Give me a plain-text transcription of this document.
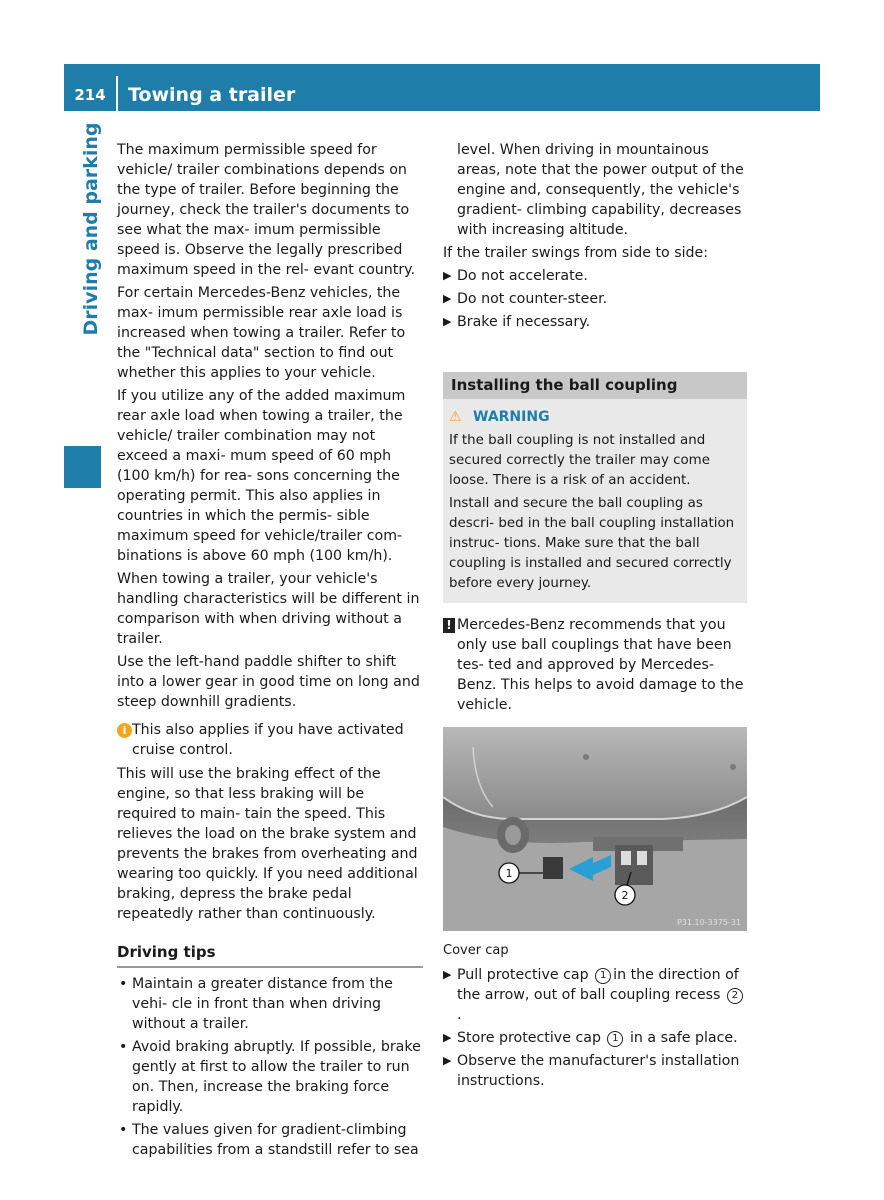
214	Towing a trailer
Driving and parking The maximum permissible speed for vehicle/ trailer combinations depends on the type of trailer. Before beginning the journey, check the trailer's documents to see what the max- imum permissible speed is. Observe the legally prescribed maximum speed in the rel- evant country.

For certain Mercedes-Benz vehicles, the max- imum permissible rear axle load is increased when towing a trailer. Refer to the "Technical data" section to find out whether this applies to your vehicle.

If you utilize any of the added maximum rear axle load when towing a trailer, the vehicle/ trailer combination may not exceed a maxi- mum speed of 60 mph (100 km/h) for rea- sons concerning the operating permit. This also applies in countries in which the permis- sible maximum speed for vehicle/trailer com- binations is above 60 mph (100 km/h).

When towing a trailer, your vehicle's handling characteristics will be different in comparison with when driving without a trailer.

Use the left-hand paddle shifter to shift into a lower gear in good time on long and steep downhill gradients.

i This also applies if you have activated cruise control.

This will use the braking effect of the engine, so that less braking will be required to main- tain the speed. This relieves the load on the brake system and prevents the brakes from overheating and wearing too quickly. If you need additional braking, depress the brake pedal repeatedly rather than continuously.

Driving tips
• Maintain a greater distance from the vehi- cle in front than when driving without a trailer.
• Avoid braking abruptly. If possible, brake gently at first to allow the trailer to run on. Then, increase the braking force rapidly.
• The values given for gradient-climbing capabilities from a standstill refer to sea

level. When driving in mountainous areas, note that the power output of the engine and, consequently, the vehicle's gradient- climbing capability, decreases with increasing altitude.

If the trailer swings from side to side:

▶ Do not accelerate.
▶ Do not counter-steer.
▶ Brake if necessary.
Installing the ball coupling
⚠ WARNING

If the ball coupling is not installed and secured correctly the trailer may come loose. There is a risk of an accident.

Install and secure the ball coupling as descri- bed in the ball coupling installation instruc- tions. Make sure that the ball coupling is installed and secured correctly before every journey.

! Mercedes-Benz recommends that you only use ball couplings that have been tes- ted and approved by Mercedes-Benz. This helps to avoid damage to the vehicle.
1
2
P31.10-3375-31
Cover cap
▶ Pull protective cap 1 in the direction of the arrow, out of ball coupling recess 2.
▶ Store protective cap 1 in a safe place.
▶ Observe the manufacturer's installation instructions.
